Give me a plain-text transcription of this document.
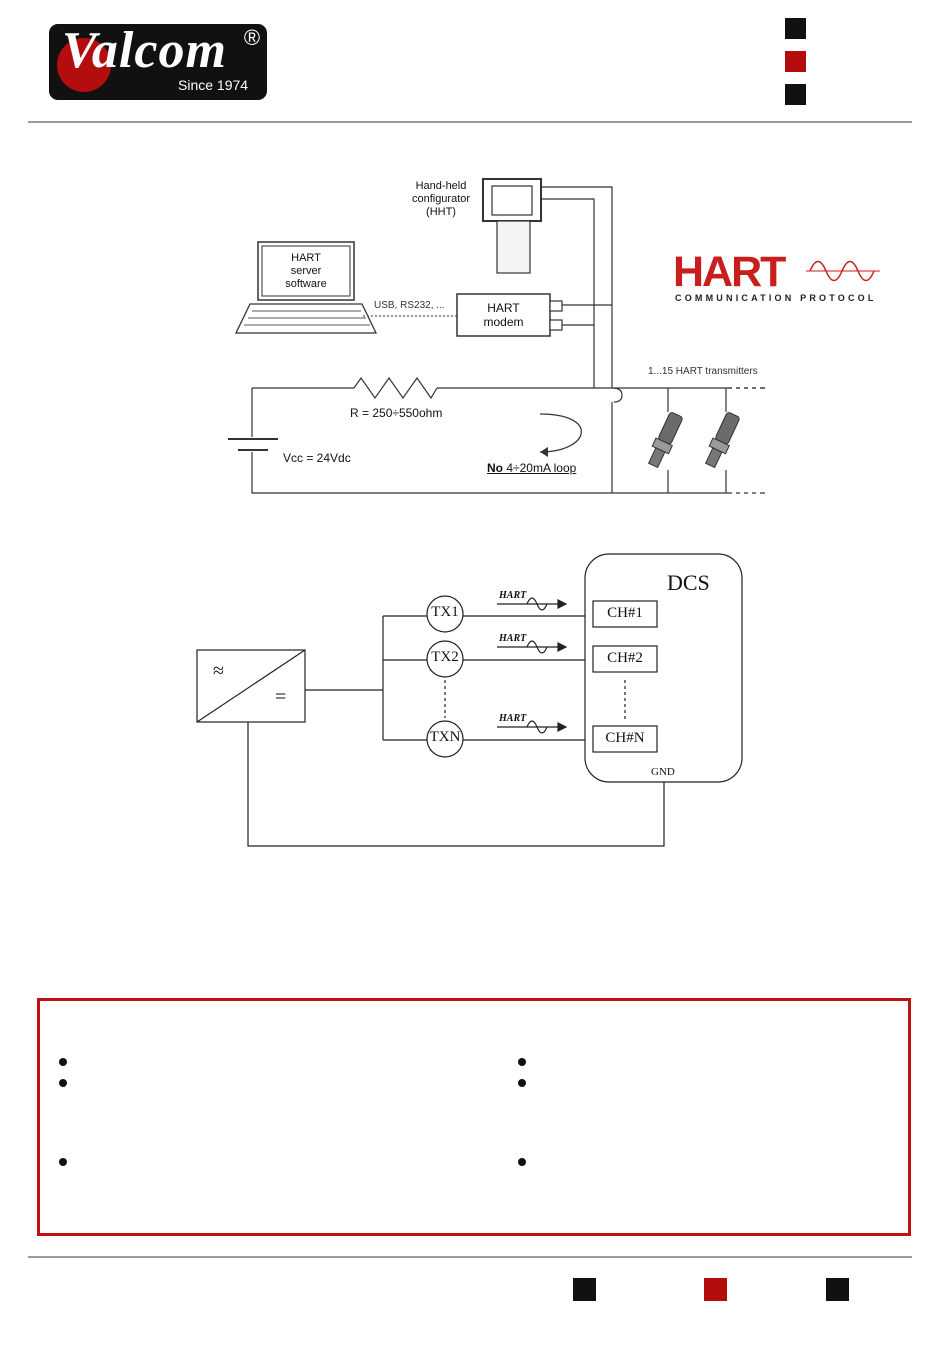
Valcom ®
Since 1974
Hand-held
configurator
(HHT)
HART
server
software
USB, RS232, ...	HART
modem
HART
COMMUNICATION PROTOCOL
1...15 HART transmitters
R = 250÷550ohm
Vcc = 24Vdc
No 4÷20mA loop
≈
=
DCS
GND
TX1
TX2
TXN
CH#1
CH#2
CH#N
HART
HART
HART
